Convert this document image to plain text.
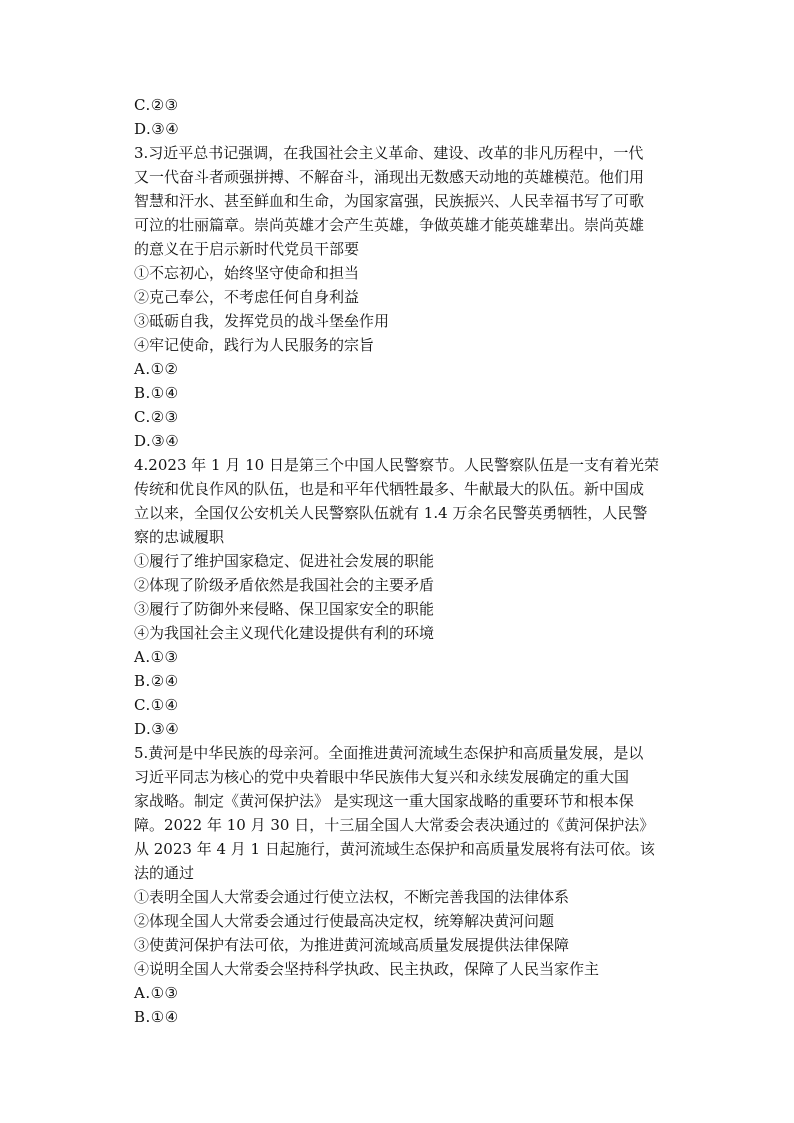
C.②③
D.③④
3.习近平总书记强调，在我国社会主义革命、建设、改革的非凡历程中，一代
又一代奋斗者顽强拼搏、不解奋斗，涌现出无数感天动地的英雄模范。他们用
智慧和汗水、甚至鲜血和生命，为国家富强，民族振兴、人民幸福书写了可歌
可泣的壮丽篇章。崇尚英雄才会产生英雄，争做英雄才能英雄辈出。崇尚英雄
的意义在于启示新时代党员干部要
①不忘初心，始终坚守使命和担当
②克己奉公，不考虑任何自身利益
③砥砺自我，发挥党员的战斗堡垒作用
④牢记使命，践行为人民服务的宗旨
A.①②
B.①④
C.②③
D.③④
4.2023 年 1 月 10 日是第三个中国人民警察节。人民警察队伍是一支有着光荣
传统和优良作风的队伍，也是和平年代牺牲最多、牛献最大的队伍。新中国成
立以来，全国仅公安机关人民警察队伍就有 1.4 万余名民警英勇牺牲，人民警
察的忠诚履职
①履行了维护国家稳定、促进社会发展的职能
②体现了阶级矛盾依然是我国社会的主要矛盾
③履行了防御外来侵略、保卫国家安全的职能
④为我国社会主义现代化建设提供有利的环境
A.①③
B.②④
C.①④
D.③④
5.黄河是中华民族的母亲河。全面推进黄河流域生态保护和高质量发展，是以
习近平同志为核心的党中央着眼中华民族伟大复兴和永续发展确定的重大国
家战略。制定《黄河保护法》 是实现这一重大国家战略的重要环节和根本保
障。2022 年 10 月 30 日，十三届全国人大常委会表决通过的《黄河保护法》
从 2023 年 4 月 1 日起施行，黄河流域生态保护和高质量发展将有法可依。该
法的通过
①表明全国人大常委会通过行使立法权，不断完善我国的法律体系
②体现全国人大常委会通过行使最高决定权，统筹解决黄河问题
③使黄河保护有法可依，为推进黄河流域高质量发展提供法律保障
④说明全国人大常委会坚持科学执政、民主执政，保障了人民当家作主
A.①③
B.①④
